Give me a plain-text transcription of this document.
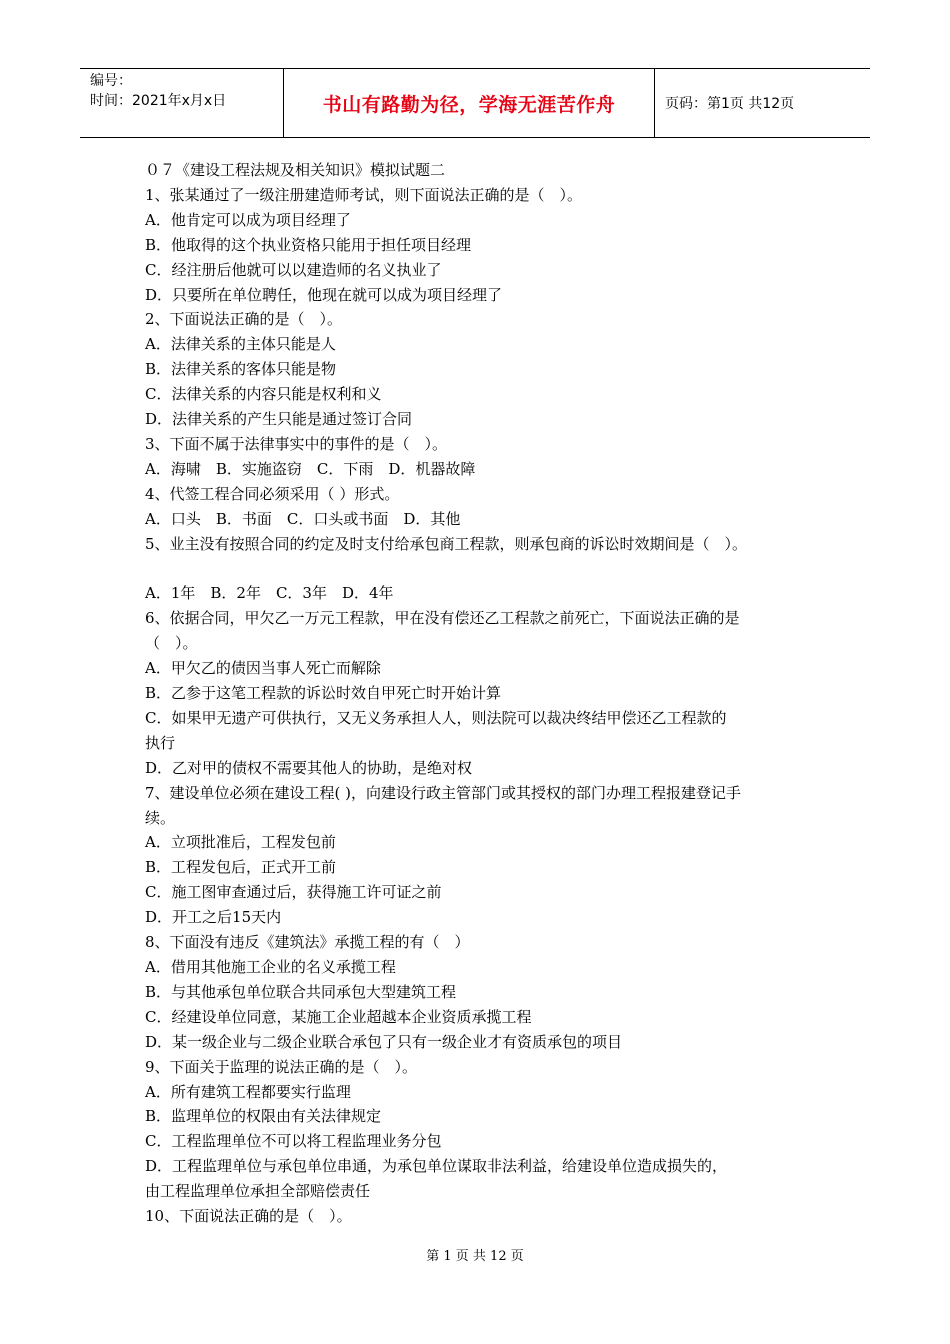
编号：
时间：2021年x月x日	书山有路勤为径，学海无涯苦作舟	页码：第1页 共12页
０７《建设工程法规及相关知识》模拟试题二
1、张某通过了一级注册建造师考试，则下面说法正确的是（　）。
A．他肯定可以成为项目经理了
B．他取得的这个执业资格只能用于担任项目经理
C．经注册后他就可以以建造师的名义执业了
D．只要所在单位聘任，他现在就可以成为项目经理了
2、下面说法正确的是（　）。
A．法律关系的主体只能是人
B．法律关系的客体只能是物
C．法律关系的内容只能是权利和义
D．法律关系的产生只能是通过签订合同
3、下面不属于法律事实中的事件的是（　）。
A．海啸　B．实施盗窃　C．下雨　D．机器故障
4、代签工程合同必须采用（ ）形式。
A．口头　B．书面　C．口头或书面　D．其他
5、业主没有按照合同的约定及时支付给承包商工程款，则承包商的诉讼时效期间是（　）。
A．1年　B．2年　C．3年　D．4年
6、依据合同，甲欠乙一万元工程款，甲在没有偿还乙工程款之前死亡，下面说法正确的是
（　）。
A．甲欠乙的债因当事人死亡而解除
B．乙参于这笔工程款的诉讼时效自甲死亡时开始计算
C．如果甲无遗产可供执行，又无义务承担人人，则法院可以裁决终结甲偿还乙工程款的
执行
D．乙对甲的债权不需要其他人的协助，是绝对权
7、建设单位必须在建设工程( )，向建设行政主管部门或其授权的部门办理工程报建登记手
续。
A．立项批准后，工程发包前
B．工程发包后，正式开工前
C．施工图审查通过后，获得施工许可证之前
D．开工之后15天内
8、下面没有违反《建筑法》承揽工程的有（　）
A．借用其他施工企业的名义承揽工程
B．与其他承包单位联合共同承包大型建筑工程
C．经建设单位同意，某施工企业超越本企业资质承揽工程
D．某一级企业与二级企业联合承包了只有一级企业才有资质承包的项目
9、下面关于监理的说法正确的是（　）。
A．所有建筑工程都要实行监理
B．监理单位的权限由有关法律规定
C．工程监理单位不可以将工程监理业务分包
D．工程监理单位与承包单位串通，为承包单位谋取非法利益，给建设单位造成损失的，
由工程监理单位承担全部赔偿责任
10、下面说法正确的是（　）。
第 1 页 共 12 页
